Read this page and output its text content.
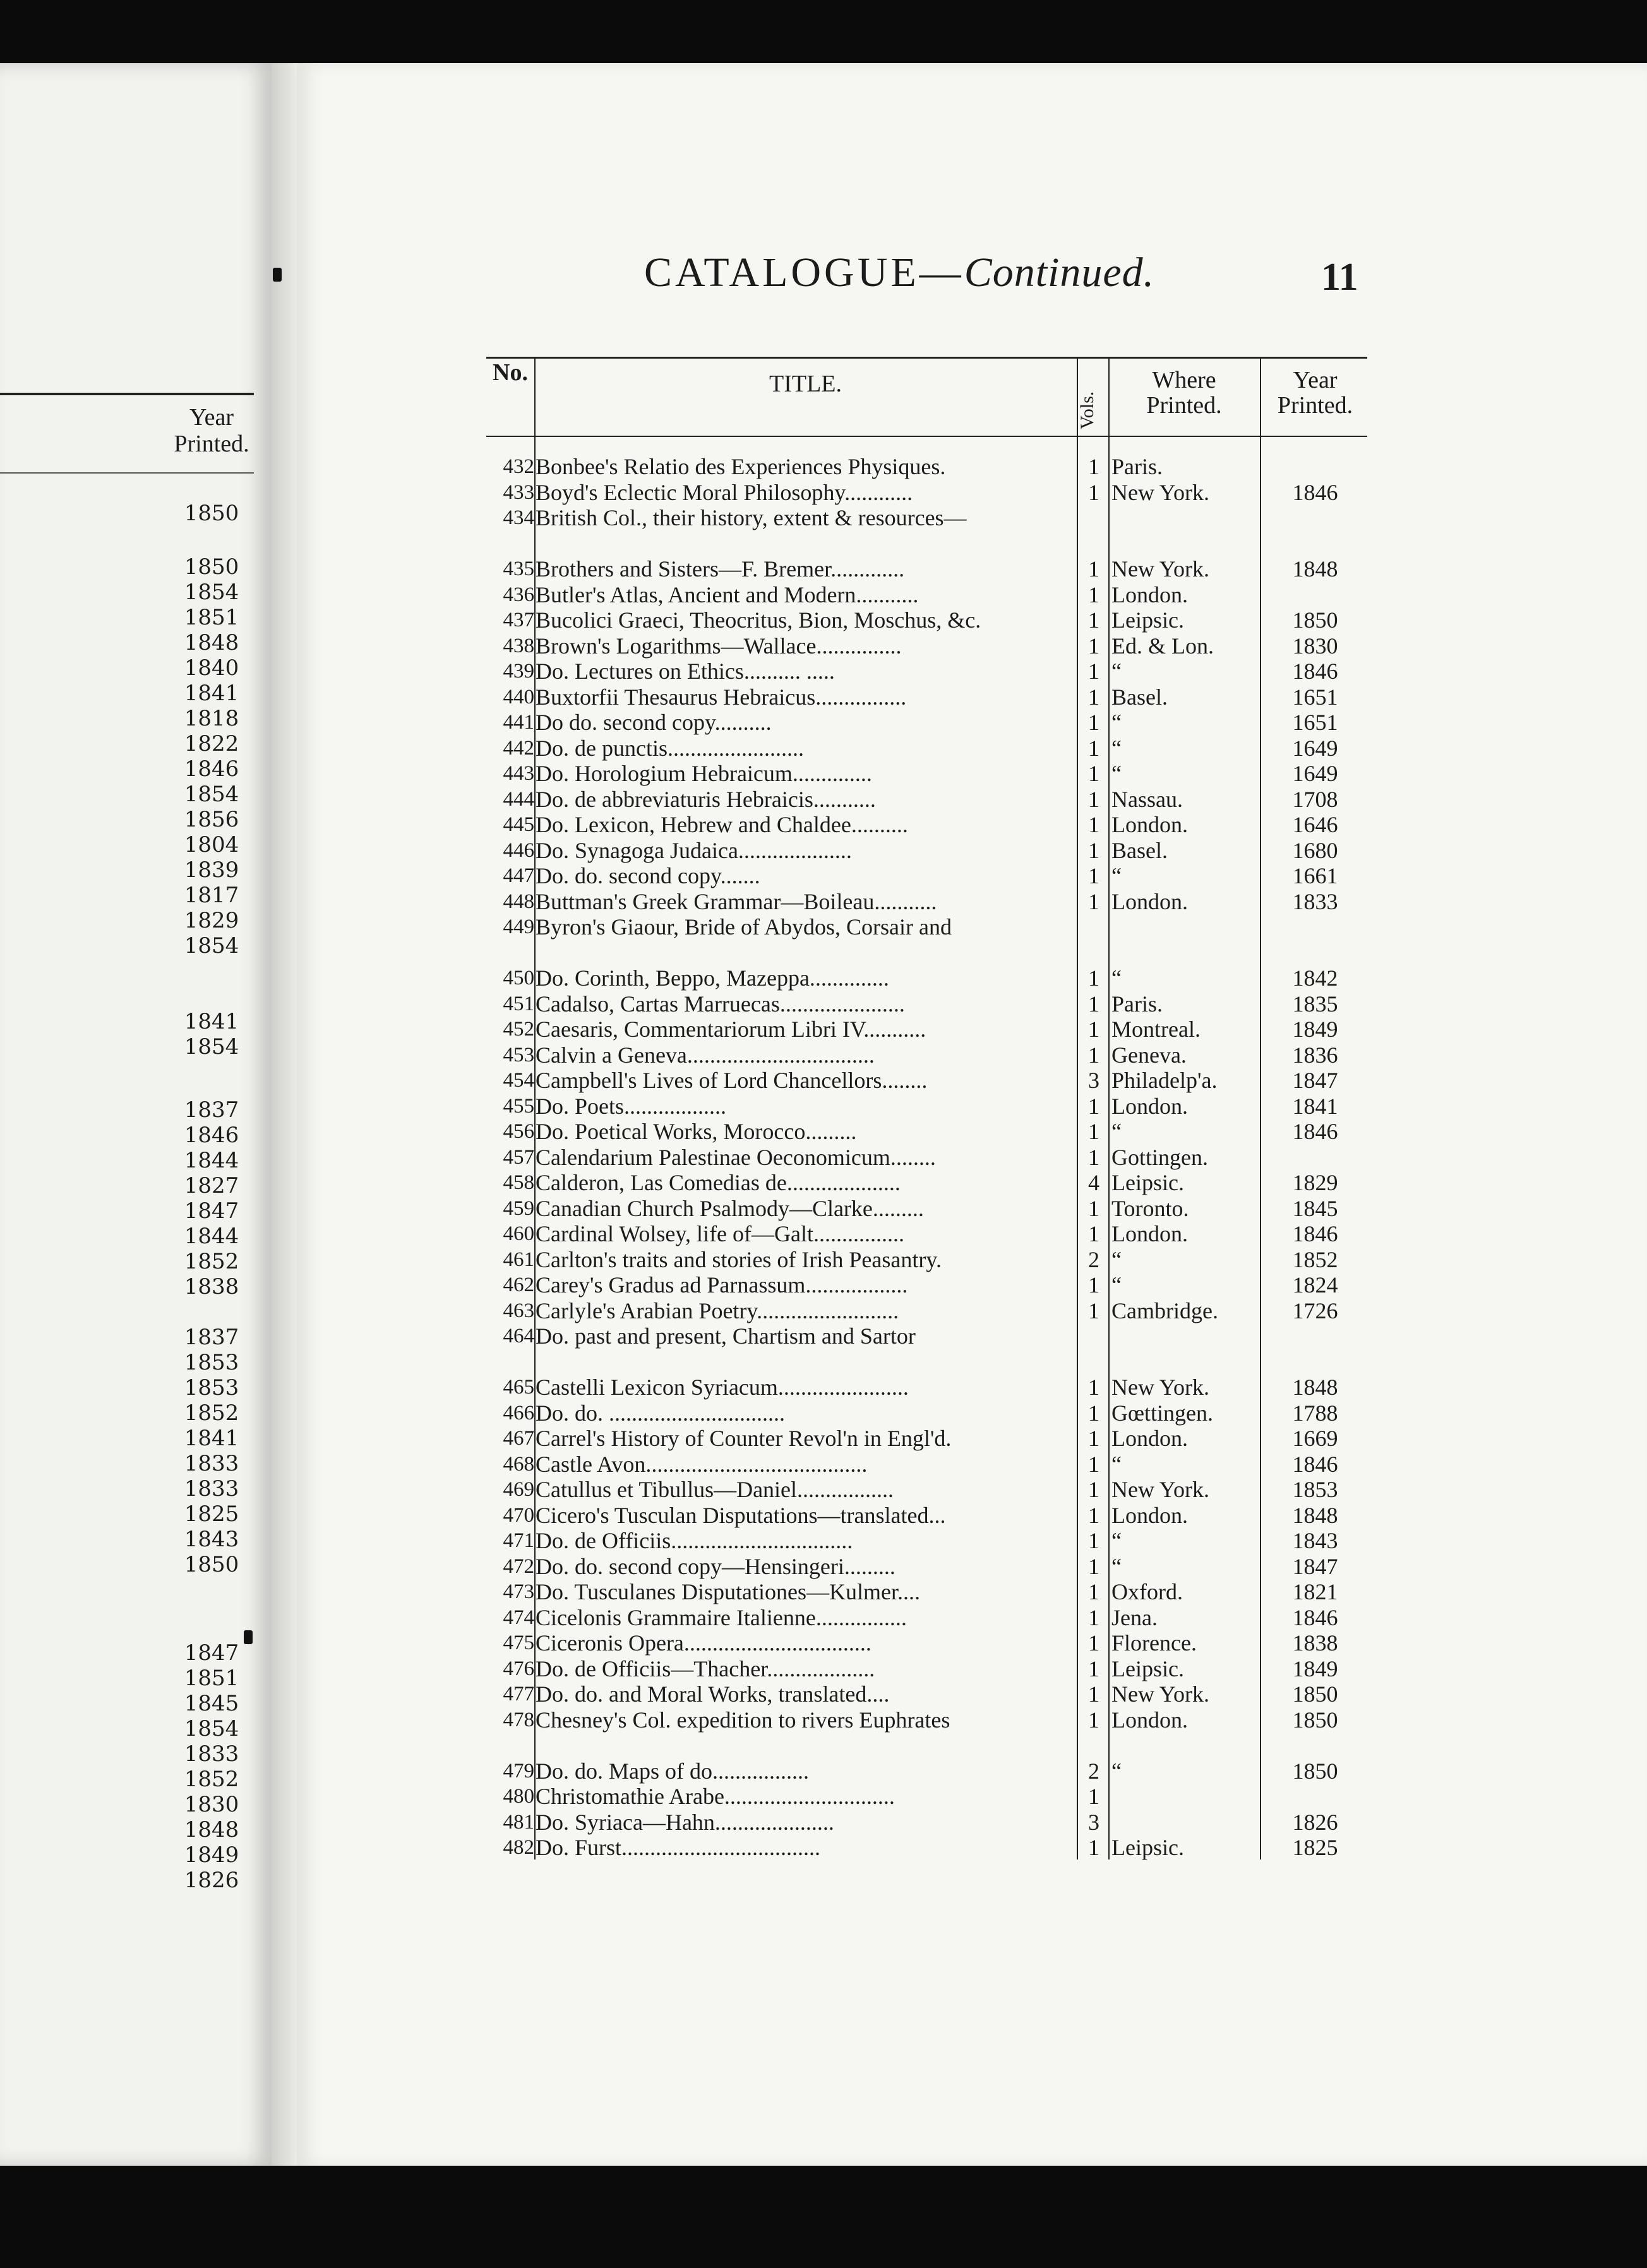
Year
Printed.
1850
1850
1854
1851
1848
1840
1841
1818
1822
1846
1854
1856
1804
1839
1817
1829
1854
1841
1854
1837
1846
1844
1827
1847
1844
1852
1838
1837
1853
1853
1852
1841
1833
1833
1825
1843
1850
1847
1851
1845
1854
1833
1852
1830
1848
1849
1826
CATALOGUE—Continued.	11
No.	TITLE.
Vols.
Where
Printed.
Year
Printed.
432 Bonbee's Relatio des Experiences Physiques.	1 Paris.
433 Boyd's Eclectic Moral Philosophy............	1 New York.	1846
434 British Col., their history, extent & resources—
435 Brothers and Sisters—F. Bremer.............	1 New York.	1848
436 Butler's Atlas, Ancient and Modern...........	1 London.
437 Bucolici Graeci, Theocritus, Bion, Moschus, &c.	1 Leipsic.	1850
438 Brown's Logarithms—Wallace...............	1 Ed. & Lon.	1830
439 Do. Lectures on Ethics.......... .....	1 “	1846
440 Buxtorfii Thesaurus Hebraicus................	1 Basel.	1651
441 Do do. second copy..........	1 “	1651
442 Do. de punctis........................	1 “	1649
443 Do. Horologium Hebraicum..............	1 “	1649
444 Do. de abbreviaturis Hebraicis...........	1 Nassau.	1708
445 Do. Lexicon, Hebrew and Chaldee..........	1 London.	1646
446 Do. Synagoga Judaica....................	1 Basel.	1680
447 Do. do. second copy.......	1 “	1661
448 Buttman's Greek Grammar—Boileau...........	1 London.	1833
449 Byron's Giaour, Bride of Abydos, Corsair and
450 Do. Corinth, Beppo, Mazeppa..............	1 “	1842
451 Cadalso, Cartas Marruecas......................	1 Paris.	1835
452 Caesaris, Commentariorum Libri IV...........	1 Montreal.	1849
453 Calvin a Geneva.................................	1 Geneva.	1836
454 Campbell's Lives of Lord Chancellors........	3 Philadelp'a.	1847
455 Do. Poets..................	1 London.	1841
456 Do. Poetical Works, Morocco.........	1 “	1846
457 Calendarium Palestinae Oeconomicum........	1 Gottingen.
458 Calderon, Las Comedias de....................	4 Leipsic.	1829
459 Canadian Church Psalmody—Clarke.........	1 Toronto.	1845
460 Cardinal Wolsey, life of—Galt................	1 London.	1846
461 Carlton's traits and stories of Irish Peasantry.	2 “	1852
462 Carey's Gradus ad Parnassum..................	1 “	1824
463 Carlyle's Arabian Poetry.........................	1 Cambridge.	1726
464 Do. past and present, Chartism and Sartor
465 Castelli Lexicon Syriacum.......................	1 New York.	1848
466 Do. do. ...............................	1 Gœttingen.	1788
467 Carrel's History of Counter Revol'n in Engl'd.	1 London.	1669
468 Castle Avon.......................................	1 “	1846
469 Catullus et Tibullus—Daniel.................	1 New York.	1853
470 Cicero's Tusculan Disputations—translated...	1 London.	1848
471 Do. de Officiis................................	1 “	1843
472 Do. do. second copy—Hensingeri.........	1 “	1847
473 Do. Tusculanes Disputationes—Kulmer....	1 Oxford.	1821
474 Cicelonis Grammaire Italienne................	1 Jena.	1846
475 Ciceronis Opera.................................	1 Florence.	1838
476 Do. de Officiis—Thacher...................	1 Leipsic.	1849
477 Do. do. and Moral Works, translated....	1 New York.	1850
478 Chesney's Col. expedition to rivers Euphrates	1 London.	1850
479 Do. do. Maps of do.................	2 “	1850
480 Christomathie Arabe..............................	1
481 Do. Syriaca—Hahn.....................	3	1826
482 Do. Furst...................................	1 Leipsic.	1825
